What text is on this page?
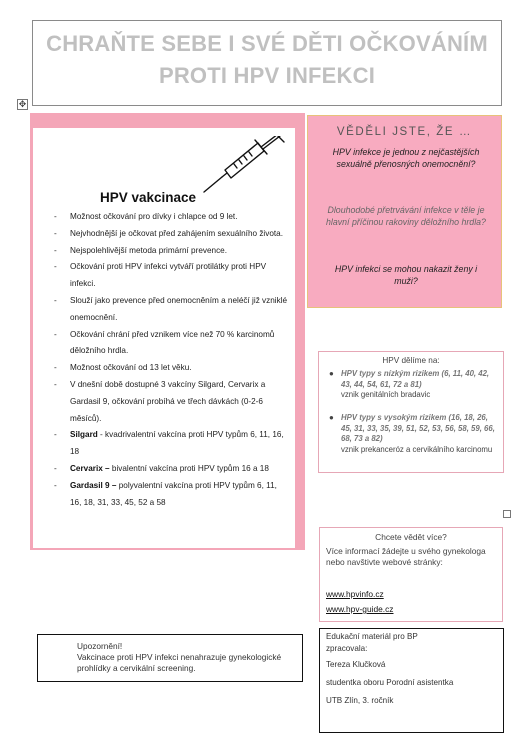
CHRAŇTE SEBE I SVÉ DĚTI OČKOVÁNÍM
PROTI HPV INFEKCI
✥
HPV vakcinace
- Možnost očkování pro dívky i chlapce od 9 let.
- Nejvhodnější je očkovat před zahájením sexuálního života.
- Nejspolehlivější metoda primární prevence.
- Očkování proti HPV infekci vytváří protilátky proti HPV infekci.
- Slouží jako prevence před onemocněním a neléčí již vzniklé onemocnění.
- Očkování chrání před vznikem více než 70 % karcinomů děložního hrdla.
- Možnost očkování od 13 let věku.
- V dnešní době dostupné 3 vakcíny Silgard, Cervarix a Gardasil 9, očkování probíhá ve třech dávkách (0-2-6 měsíců).
- Silgard - kvadrivalentní vakcína proti HPV typům 6, 11, 16, 18
- Cervarix – bivalentní vakcína proti HPV typům 16 a 18
- Gardasil 9 – polyvalentní vakcína proti HPV typům 6, 11, 16, 18, 31, 33, 45, 52 a 58
VĚDĚLI JSTE, ŽE …
HPV infekce je jednou z nejčastějších sexuálně přenosných onemocnění?
Dlouhodobé přetrvávání infekce v těle je hlavní příčinou rakoviny děložního hrdla?
HPV infekci se mohou nakazit ženy i muži?
HPV dělíme na:
● HPV typy s nízkým rizikem (6, 11, 40, 42, 43, 44, 54, 61, 72 a 81)
vznik genitálních bradavic
● HPV typy s vysokým rizikem (16, 18, 26, 45, 31, 33, 35, 39, 51, 52, 53, 56, 58, 59, 66, 68, 73 a 82)
vznik prekanceróz a cervikálního karcinomu
Chcete vědět více?
Více informací žádejte u svého gynekologa nebo navštivte webové stránky:
www.hpvinfo.cz
www.hpv-guide.cz
Upozornění!
Vakcinace proti HPV infekci nenahrazuje gynekologické prohlídky a cervikální screening.
Edukační materiál pro BP
zpracovala:
Tereza Klučková
studentka oboru Porodní asistentka
UTB Zlín, 3. ročník
